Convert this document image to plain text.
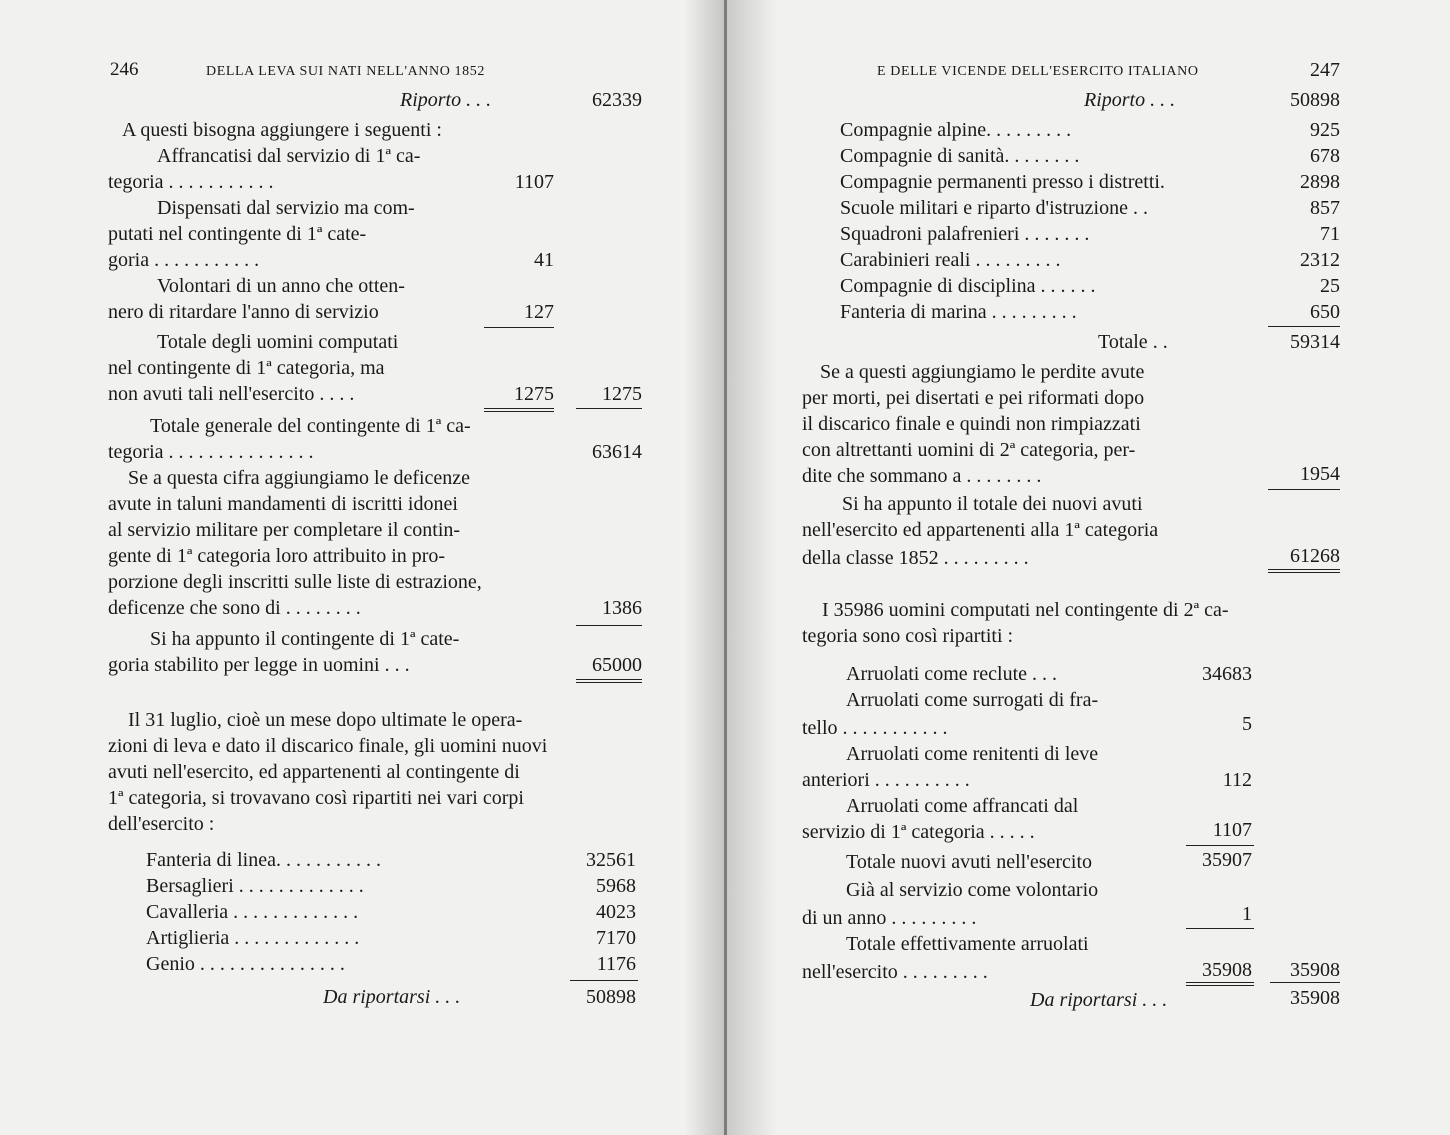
246	DELLA LEVA SUI NATI NELL'ANNO 1852
Riporto . . .	62339
A questi bisogna aggiungere i seguenti :
Affrancatisi dal servizio di 1ª ca-
tegoria . . . . . . . . . . .	1107
Dispensati dal servizio ma com-
putati nel contingente di 1ª cate-
goria . . . . . . . . . . .	41
Volontari di un anno che otten-
nero di ritardare l'anno di servizio	127
Totale degli uomini computati
nel contingente di 1ª categoria, ma
non avuti tali nell'esercito . . . .	1275 1275
Totale generale del contingente di 1ª ca-
tegoria . . . . . . . . . . . . . . .	63614
Se a questa cifra aggiungiamo le deficenze
avute in taluni mandamenti di iscritti idonei
al servizio militare per completare il contin-
gente di 1ª categoria loro attribuito in pro-
porzione degli inscritti sulle liste di estrazione,
deficenze che sono di . . . . . . . .	1386
Si ha appunto il contingente di 1ª cate-
goria stabilito per legge in uomini . . .	65000
Il 31 luglio, cioè un mese dopo ultimate le opera-
zioni di leva e dato il discarico finale, gli uomini nuovi
avuti nell'esercito, ed appartenenti al contingente di
1ª categoria, si trovavano così ripartiti nei vari corpi
dell'esercito :
Fanteria di linea. . . . . . . . . . .	32561
Bersaglieri . . . . . . . . . . . . .	5968
Cavalleria . . . . . . . . . . . . .	4023
Artiglieria . . . . . . . . . . . . .	7170
Genio . . . . . . . . . . . . . . .	1176
Da riportarsi . . .	50898
E DELLE VICENDE DELL'ESERCITO ITALIANO	247
Riporto . . .	50898
Compagnie alpine. . . . . . . . .	925
Compagnie di sanità. . . . . . . .	678
Compagnie permanenti presso i distretti.	2898
Scuole militari e riparto d'istruzione . .	857
Squadroni palafrenieri . . . . . . .	71
Carabinieri reali . . . . . . . . .	2312
Compagnie di disciplina . . . . . .	25
Fanteria di marina . . . . . . . . .	650
Totale . .	59314
Se a questi aggiungiamo le perdite avute
per morti, pei disertati e pei riformati dopo
il discarico finale e quindi non rimpiazzati
con altrettanti uomini di 2ª categoria, per-
dite che sommano a . . . . . . . .	1954
Si ha appunto il totale dei nuovi avuti
nell'esercito ed appartenenti alla 1ª categoria
della classe 1852 . . . . . . . . .	61268
I 35986 uomini computati nel contingente di 2ª ca-
tegoria sono così ripartiti :
Arruolati come reclute . . .	34683
Arruolati come surrogati di fra-
tello . . . . . . . . . . .	5
Arruolati come renitenti di leve
anteriori . . . . . . . . . .	112
Arruolati come affrancati dal
servizio di 1ª categoria . . . . .	1107
Totale nuovi avuti nell'esercito	35907
Già al servizio come volontario
di un anno . . . . . . . . .	1
Totale effettivamente arruolati
nell'esercito . . . . . . . . .	35908 35908
Da riportarsi . . .	35908
